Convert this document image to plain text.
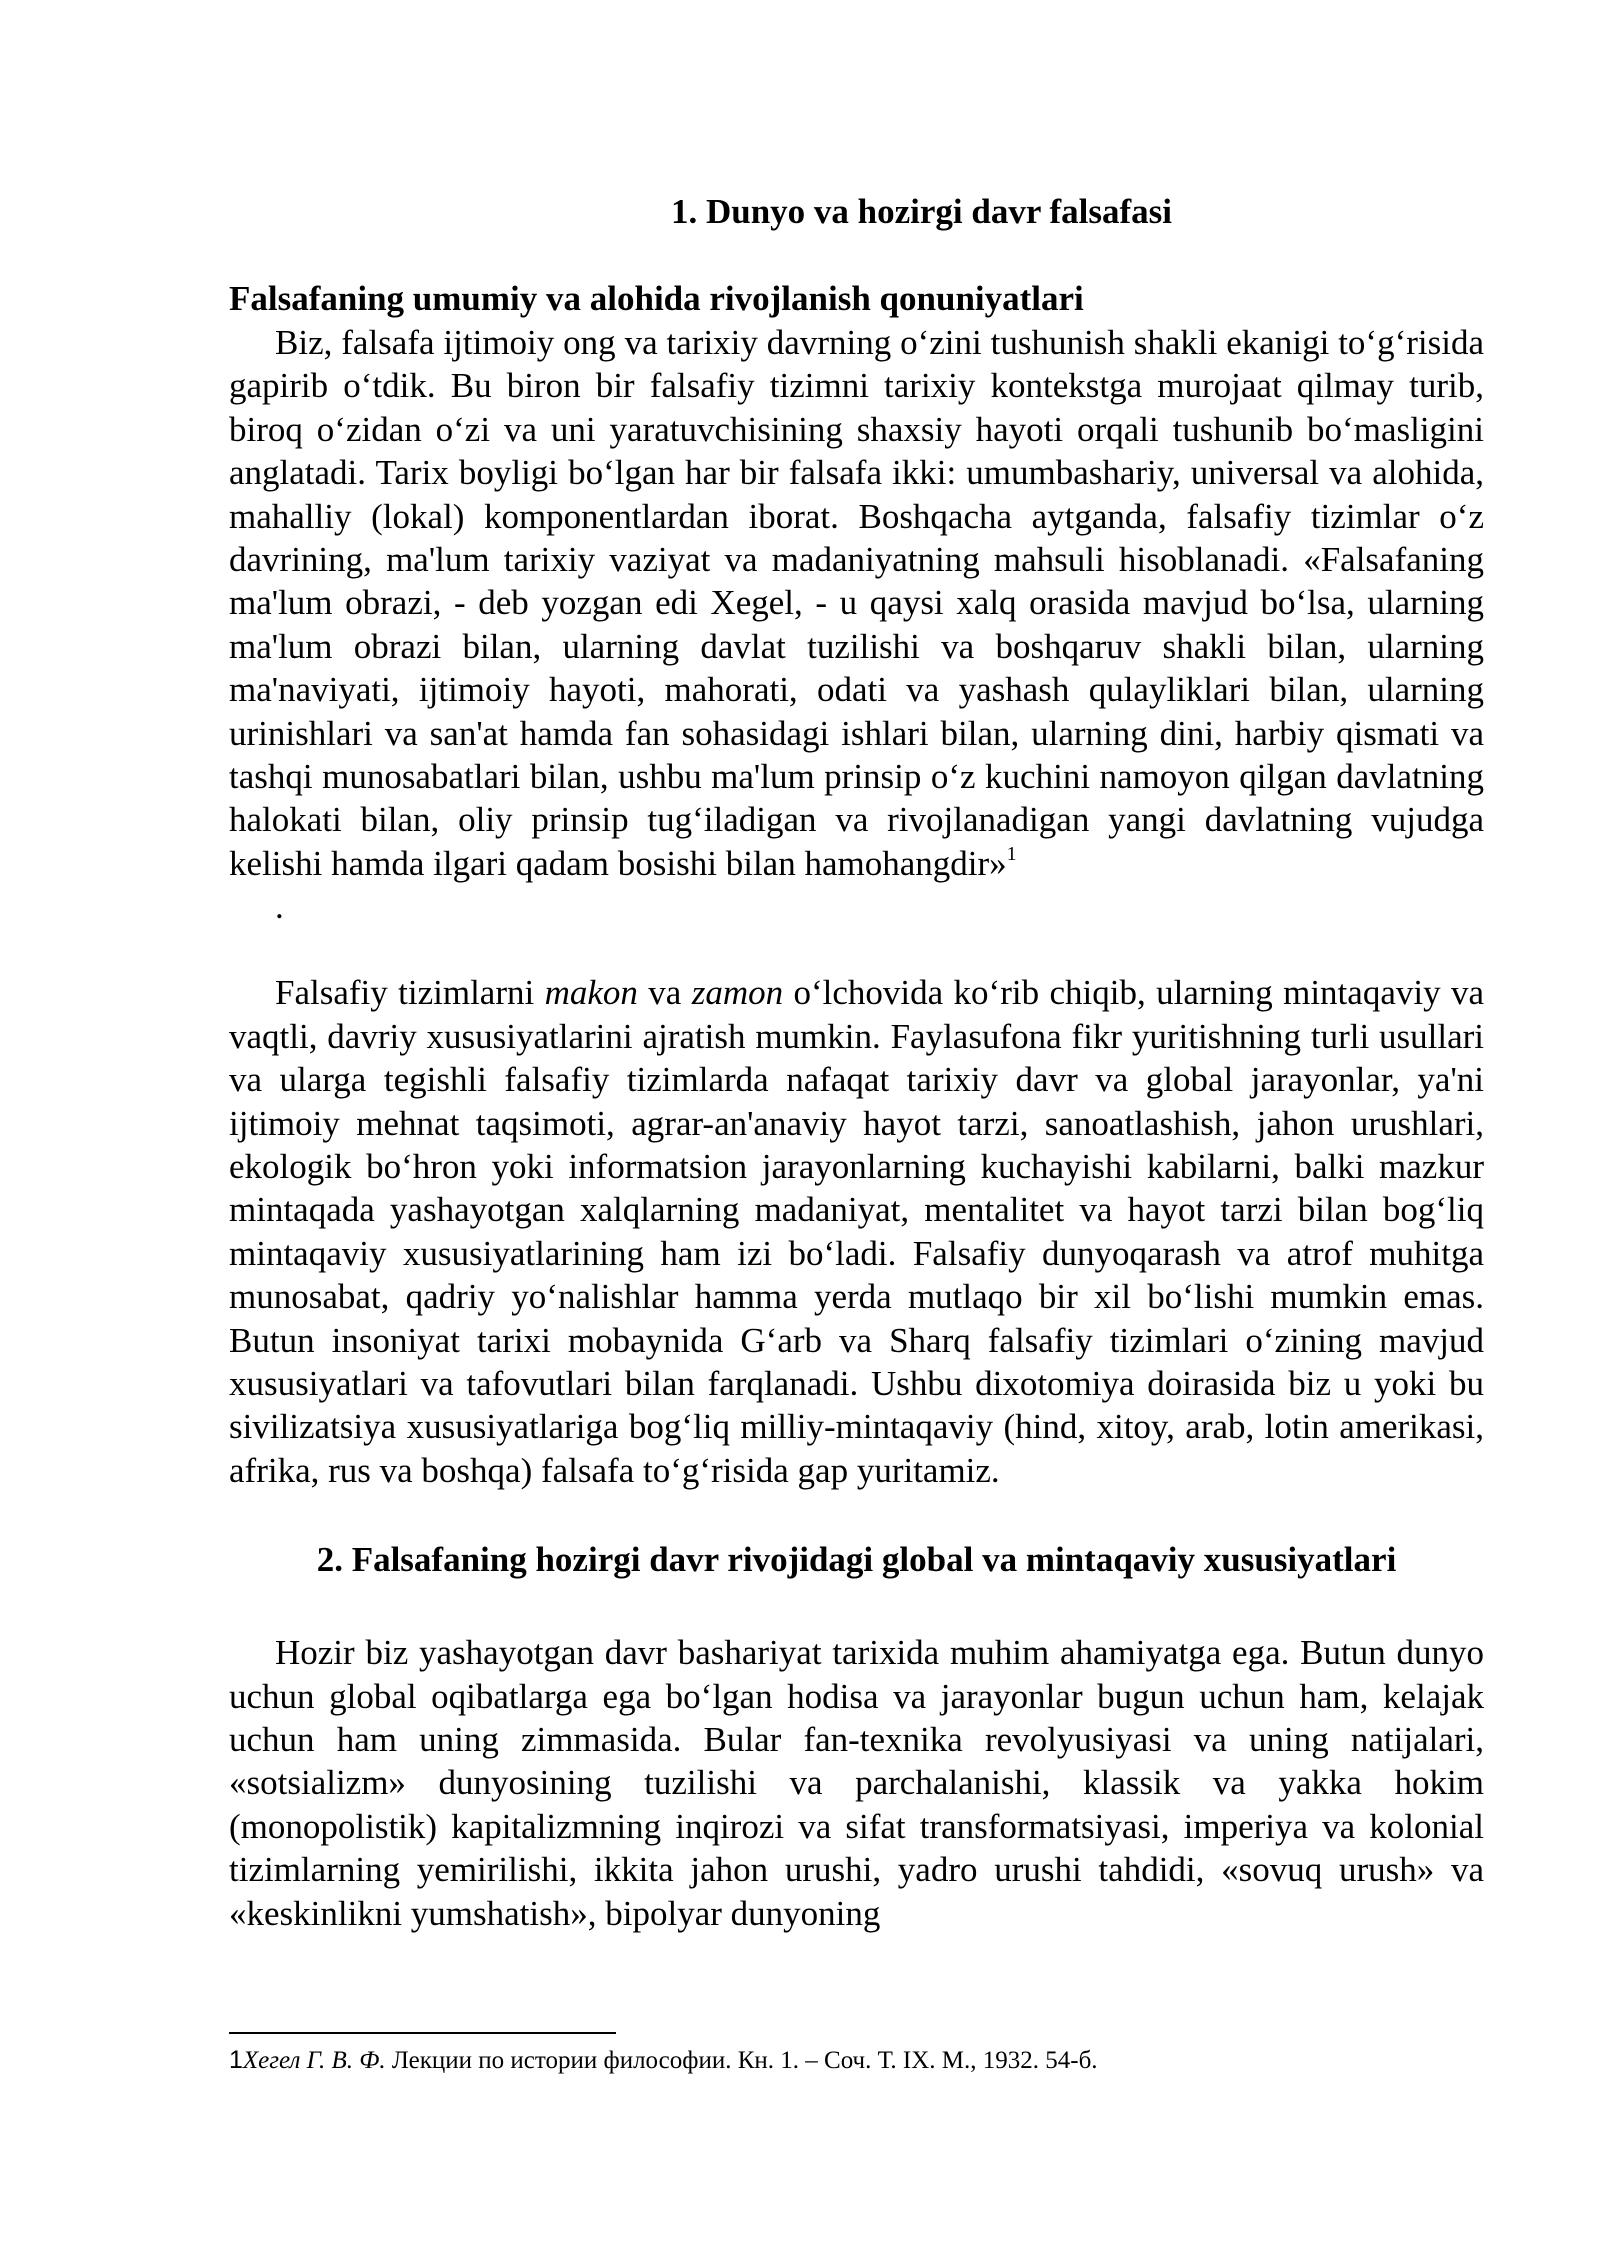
1. Dunyo va hozirgi davr falsafasi
Falsafaning umumiy va alohida rivojlanish qonuniyatlari

Biz, falsafa ijtimoiy ong va tarixiy davrning o‘zini tushunish shakli ekanigi to‘g‘risida gapirib o‘tdik. Bu biron bir falsafiy tizimni tarixiy kontekstga murojaat qilmay turib, biroq o‘zidan o‘zi va uni yaratuvchisining shaxsiy hayoti orqali tushunib bo‘masligini anglatadi. Tarix boyligi bo‘lgan har bir falsafa ikki: umumbashariy, universal va alohida, mahalliy (lokal) komponentlardan iborat. Boshqacha aytganda, falsafiy tizimlar o‘z davrining, ma'lum tarixiy vaziyat va madaniyatning mahsuli hisoblanadi. «Falsafaning ma'lum obrazi, - deb yozgan edi Xegel, - u qaysi xalq orasida mavjud bo‘lsa, ularning ma'lum obrazi bilan, ularning davlat tuzilishi va boshqaruv shakli bilan, ularning ma'naviyati, ijtimoiy hayoti, mahorati, odati va yashash qulayliklari bilan, ularning urinishlari va san'at hamda fan sohasidagi ishlari bilan, ularning dini, harbiy qismati va tashqi munosabatlari bilan, ushbu ma'lum prinsip o‘z kuchini namoyon qilgan davlatning halokati bilan, oliy prinsip tug‘iladigan va rivojlanadigan yangi davlatning vujudga kelishi hamda ilgari qadam bosishi bilan hamohangdir»$^1$

.

Falsafiy tizimlarni makon va zamon o‘lchovida ko‘rib chiqib, ularning mintaqaviy va vaqtli, davriy xususiyatlarini ajratish mumkin. Faylasufona fikr yuritishning turli usullari va ularga tegishli falsafiy tizimlarda nafaqat tarixiy davr va global jarayonlar, ya'ni ijtimoiy mehnat taqsimoti, agrar-an'anaviy hayot tarzi, sanoatlashish, jahon urushlari, ekologik bo‘hron yoki informatsion jarayonlarning kuchayishi kabilarni, balki mazkur mintaqada yashayotgan xalqlarning madaniyat, mentalitet va hayot tarzi bilan bog‘liq mintaqaviy xususiyatlarining ham izi bo‘ladi. Falsafiy dunyoqarash va atrof muhitga munosabat, qadriy yo‘nalishlar hamma yerda mutlaqo bir xil bo‘lishi mumkin emas. Butun insoniyat tarixi mobaynida G‘arb va Sharq falsafiy tizimlari o‘zining mavjud xususiyatlari va tafovutlari bilan farqlanadi. Ushbu dixotomiya doirasida biz u yoki bu sivilizatsiya xususiyatlariga bog‘liq milliy-mintaqaviy (hind, xitoy, arab, lotin amerikasi, afrika, rus va boshqa) falsafa to‘g‘risida gap yuritamiz.

2. Falsafaning hozirgi davr rivojidagi global va mintaqaviy xususiyatlari

Hozir biz yashayotgan davr bashariyat tarixida muhim ahamiyatga ega. Butun dunyo uchun global oqibatlarga ega bo‘lgan hodisa va jarayonlar bugun uchun ham, kelajak uchun ham uning zimmasida. Bular fan-texnika revolyusiyasi va uning natijalari, «sotsializm» dunyosining tuzilishi va parchalanishi, klassik va yakka hokim (monopolistik) kapitalizmning inqirozi va sifat transformatsiyasi, imperiya va kolonial tizimlarning yemirilishi, ikkita jahon urushi, yadro urushi tahdidi, «sovuq urush» va «keskinlikni yumshatish», bipolyar dunyoning

1Хегел Г. В. Ф. Лекции по истории философии. Кн. 1. – Соч. Т. IX. М., 1932. 54-б.
